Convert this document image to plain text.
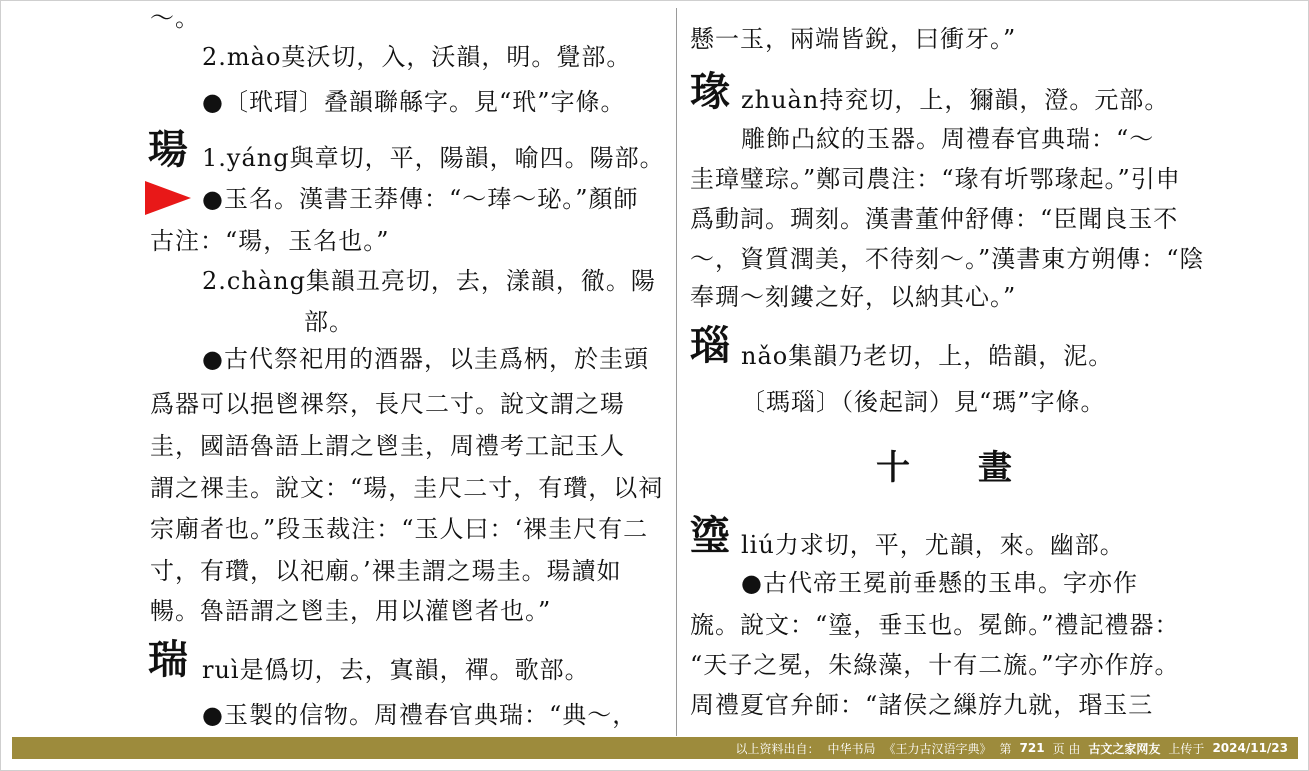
～。
2.mào莫沃切，入，沃韻，明。覺部。
●〔玳瑁〕叠韻聯緜字。見“玳”字條。
瑒 1.yáng與章切，平，陽韻，喻四。陽部。
●玉名。漢書王莽傳：“～琫～珌。”顏師
古注：“瑒，玉名也。”
2.chàng集韻丑亮切，去，漾韻，徹。陽
部。
●古代祭祀用的酒器，以圭爲柄，於圭頭
爲器可以挹鬯祼祭，長尺二寸。說文謂之瑒
圭，國語魯語上謂之鬯圭，周禮考工記玉人
謂之祼圭。說文：“瑒，圭尺二寸，有瓚，以祠
宗廟者也。”段玉裁注：“玉人曰：‘祼圭尺有二
寸，有瓚，以祀廟。’祼圭謂之瑒圭。瑒讀如
暢。魯語謂之鬯圭，用以灌鬯者也。”
瑞 ruì是僞切，去，寘韻，禪。歌部。
●玉製的信物。周禮春官典瑞：“典～，
懸一玉，兩端皆銳，曰衝牙。”
瑑 zhuàn持兖切，上，獮韻，澄。元部。
雕飾凸紋的玉器。周禮春官典瑞：“～
圭璋璧琮。”鄭司農注：“瑑有圻鄂瑑起。”引申
爲動詞。琱刻。漢書董仲舒傳：“臣聞良玉不
～，資質潤美，不待刻～。”漢書東方朔傳：“陰
奉琱～刻鏤之好，以納其心。”
瑙 nǎo集韻乃老切，上，皓韻，泥。
〔瑪瑙〕（後起詞）見“瑪”字條。
十　　畫
瑬 liú力求切，平，尤韻，來。幽部。
●古代帝王冕前垂懸的玉串。字亦作
旒。說文：“瑬，垂玉也。冕飾。”禮記禮器：
“天子之冕，朱綠藻，十有二旒。”字亦作斿。
周禮夏官弁師：“諸侯之繅斿九就，瑉玉三
以上资料出自： 中华书局 《王力古汉语字典》 第 721 页 由 古文之家网友 上传于 2024/11/23
